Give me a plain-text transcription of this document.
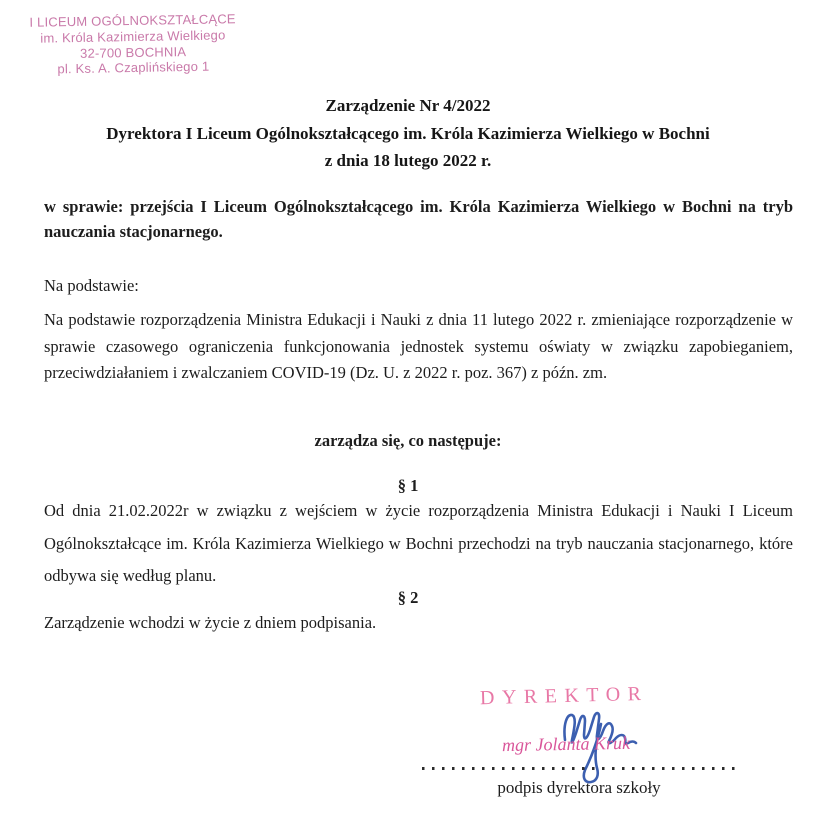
I LICEUM OGÓLNOKSZTAŁCĄCE
im. Króla Kazimierza Wielkiego
32-700 BOCHNIA
pl. Ks. A. Czaplińskiego 1
Zarządzenie Nr 4/2022
Dyrektora I Liceum Ogólnokształcącego im. Króla Kazimierza Wielkiego w Bochni
z dnia 18 lutego 2022 r.
w sprawie: przejścia I Liceum Ogólnokształcącego im. Króla Kazimierza Wielkiego w Bochni na tryb nauczania stacjonarnego.
Na podstawie:
Na podstawie rozporządzenia Ministra Edukacji i Nauki z dnia 11 lutego 2022 r. zmieniające rozporządzenie w sprawie czasowego ograniczenia funkcjonowania jednostek systemu oświaty w związku zapobieganiem, przeciwdziałaniem i zwalczaniem COVID-19 (Dz. U. z 2022 r. poz. 367) z późn. zm.
zarządza się, co następuje:
§ 1
Od dnia 21.02.2022r w związku z wejściem w życie rozporządzenia Ministra Edukacji i Nauki I Liceum Ogólnokształcące im. Króla Kazimierza Wielkiego w Bochni przechodzi na tryb nauczania stacjonarnego, które odbywa się według planu.
§ 2
Zarządzenie wchodzi w życie z dniem podpisania.
DYREKTOR
mgr Jolanta Kruk
podpis dyrektora szkoły
